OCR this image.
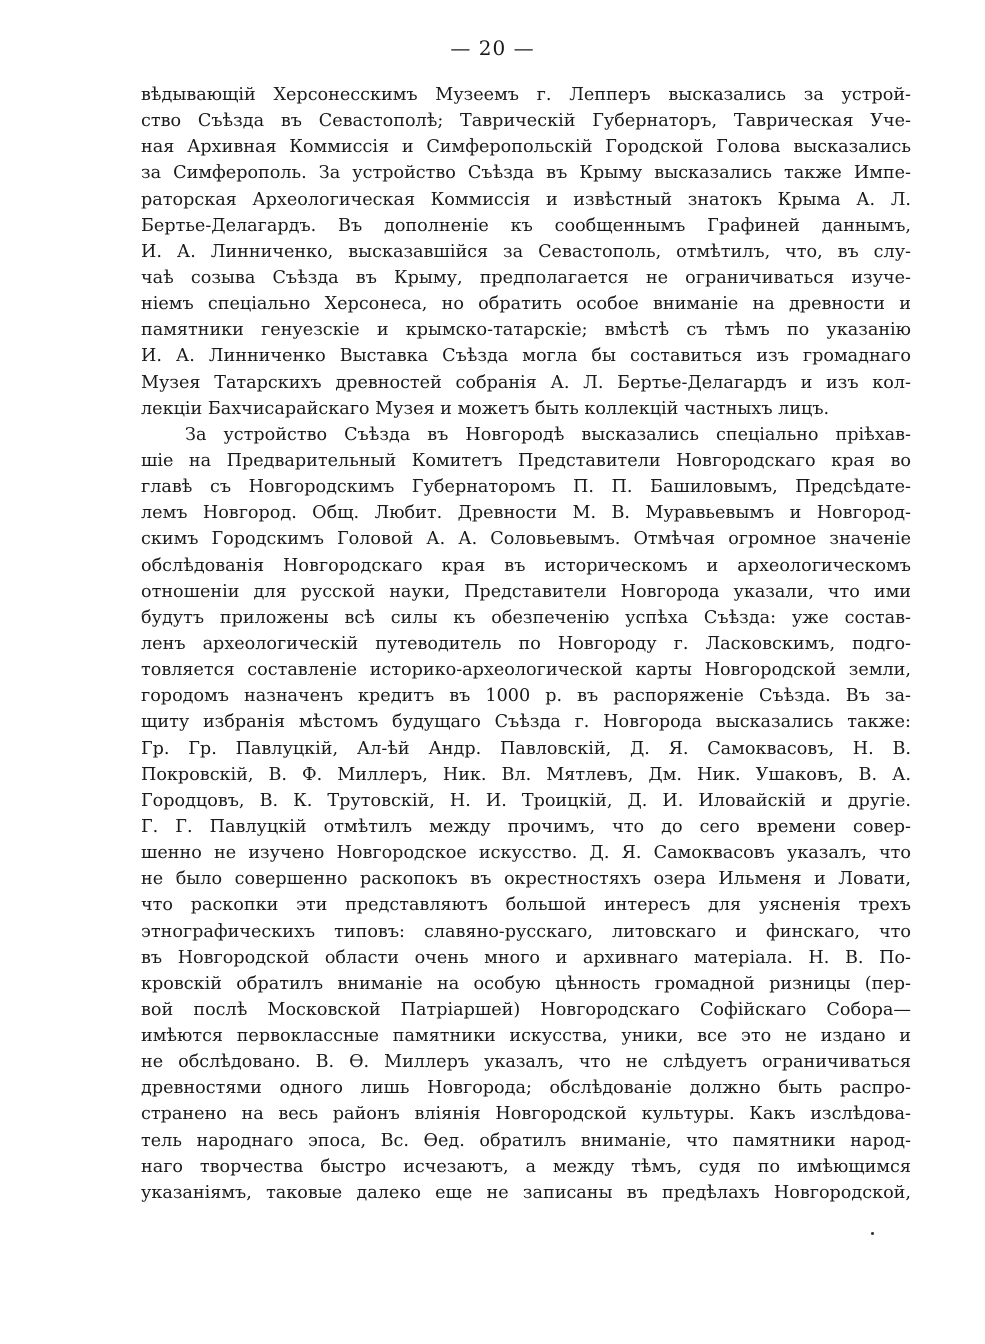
— 20 —
вѣдывающій Херсонесскимъ Музеемъ г. Лепперъ высказались за устрой-
ство Съѣзда въ Севастополѣ; Таврическій Губернаторъ, Таврическая Уче-
ная Архивная Коммиссія и Симферопольскій Городской Голова высказались
за Симферополь. За устройство Съѣзда въ Крыму высказались также Импе-
раторская Археологическая Коммиссія и извѣстный знатокъ Крыма А. Л.
Бертье-Делагардъ. Въ дополненіе къ сообщеннымъ Графиней даннымъ,
И. А. Линниченко, высказавшійся за Севастополь, отмѣтилъ, что, въ слу-
чаѣ созыва Съѣзда въ Крыму, предполагается не ограничиваться изуче-
ніемъ спеціально Херсонеса, но обратить особое вниманіе на древности и
памятники генуезскіе и крымско-татарскіе; вмѣстѣ съ тѣмъ по указанію
И. А. Линниченко Выставка Съѣзда могла бы составиться изъ громаднаго
Музея Татарскихъ древностей собранія А. Л. Бертье-Делагардъ и изъ кол-
лекціи Бахчисарайскаго Музея и можетъ быть коллекцій частныхъ лицъ.
За устройство Съѣзда въ Новгородѣ высказались спеціально пріѣхав-
шіе на Предварительный Комитетъ Представители Новгородскаго края во
главѣ съ Новгородскимъ Губернаторомъ П. П. Башиловымъ, Предсѣдате-
лемъ Новгород. Общ. Любит. Древности М. В. Муравьевымъ и Новгород-
скимъ Городскимъ Головой А. А. Соловьевымъ. Отмѣчая огромное значеніе
обслѣдованія Новгородскаго края въ историческомъ и археологическомъ
отношеніи для русской науки, Представители Новгорода указали, что ими
будутъ приложены всѣ силы къ обезпеченію успѣха Съѣзда: уже состав-
ленъ археологическій путеводитель по Новгороду г. Ласковскимъ, подго-
товляется составленіе историко-археологической карты Новгородской земли,
городомъ назначенъ кредитъ въ 1000 р. въ распоряженіе Съѣзда. Въ за-
щиту избранія мѣстомъ будущаго Съѣзда г. Новгорода высказались также:
Гр. Гр. Павлуцкій, Ал-ѣй Андр. Павловскій, Д. Я. Самоквасовъ, Н. В.
Покровскій, В. Ф. Миллеръ, Ник. Вл. Мятлевъ, Дм. Ник. Ушаковъ, В. А.
Городцовъ, В. К. Трутовскій, Н. И. Троицкій, Д. И. Иловайскій и другіе.
Г. Г. Павлуцкій отмѣтилъ между прочимъ, что до сего времени совер-
шенно не изучено Новгородское искусство. Д. Я. Самоквасовъ указалъ, что
не было совершенно раскопокъ въ окрестностяхъ озера Ильменя и Ловати,
что раскопки эти представляютъ большой интересъ для уясненія трехъ
этнографическихъ типовъ: славяно-русскаго, литовскаго и финскаго, что
въ Новгородской области очень много и архивнаго матеріала. Н. В. По-
кровскій обратилъ вниманіе на особую цѣнность громадной ризницы (пер-
вой послѣ Московской Патріаршей) Новгородскаго Софійскаго Собора—
имѣются первоклассные памятники искусства, уники, все это не издано и
не обслѣдовано. В. Ѳ. Миллеръ указалъ, что не слѣдуетъ ограничиваться
древностями одного лишь Новгорода; обслѣдованіе должно быть распро-
странено на весь районъ вліянія Новгородской культуры. Какъ изслѣдова-
тель народнаго эпоса, Вс. Ѳед. обратилъ вниманіе, что памятники народ-
наго творчества быстро исчезаютъ, а между тѣмъ, судя по имѣющимся
указаніямъ, таковые далеко еще не записаны въ предѣлахъ Новгородской,
